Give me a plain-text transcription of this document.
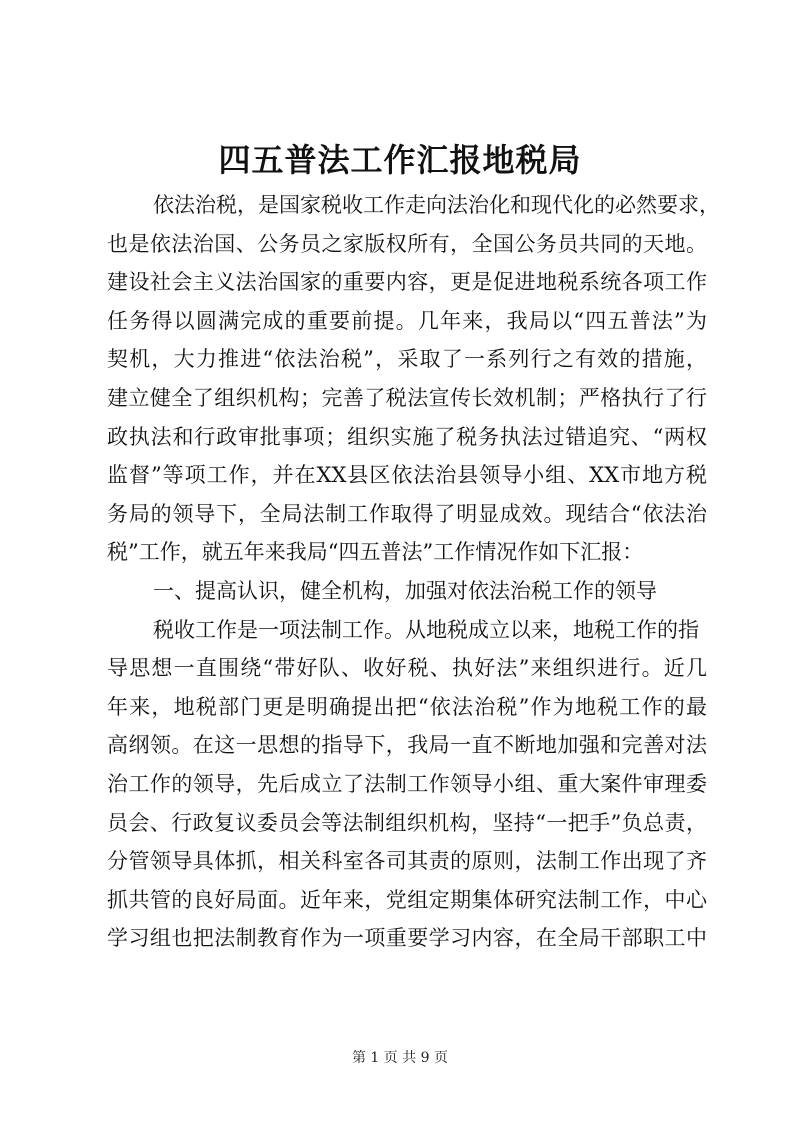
四五普法工作汇报地税局
依法治税，是国家税收工作走向法治化和现代化的必然要求，
也是依法治国、公务员之家版权所有，全国公务员共同的天地。
建设社会主义法治国家的重要内容，更是促进地税系统各项工作
任务得以圆满完成的重要前提。几年来，我局以“四五普法”为
契机，大力推进“依法治税”，采取了一系列行之有效的措施，
建立健全了组织机构；完善了税法宣传长效机制；严格执行了行
政执法和行政审批事项；组织实施了税务执法过错追究、“两权
监督”等项工作，并在XX县区依法治县领导小组、XX市地方税
务局的领导下，全局法制工作取得了明显成效。现结合“依法治
税”工作，就五年来我局“四五普法”工作情况作如下汇报：
一、提高认识，健全机构，加强对依法治税工作的领导
税收工作是一项法制工作。从地税成立以来，地税工作的指
导思想一直围绕“带好队、收好税、执好法”来组织进行。近几
年来，地税部门更是明确提出把“依法治税”作为地税工作的最
高纲领。在这一思想的指导下，我局一直不断地加强和完善对法
治工作的领导，先后成立了法制工作领导小组、重大案件审理委
员会、行政复议委员会等法制组织机构，坚持“一把手”负总责，
分管领导具体抓，相关科室各司其责的原则，法制工作出现了齐
抓共管的良好局面。近年来，党组定期集体研究法制工作，中心
学习组也把法制教育作为一项重要学习内容，在全局干部职工中
第 1 页 共 9 页
